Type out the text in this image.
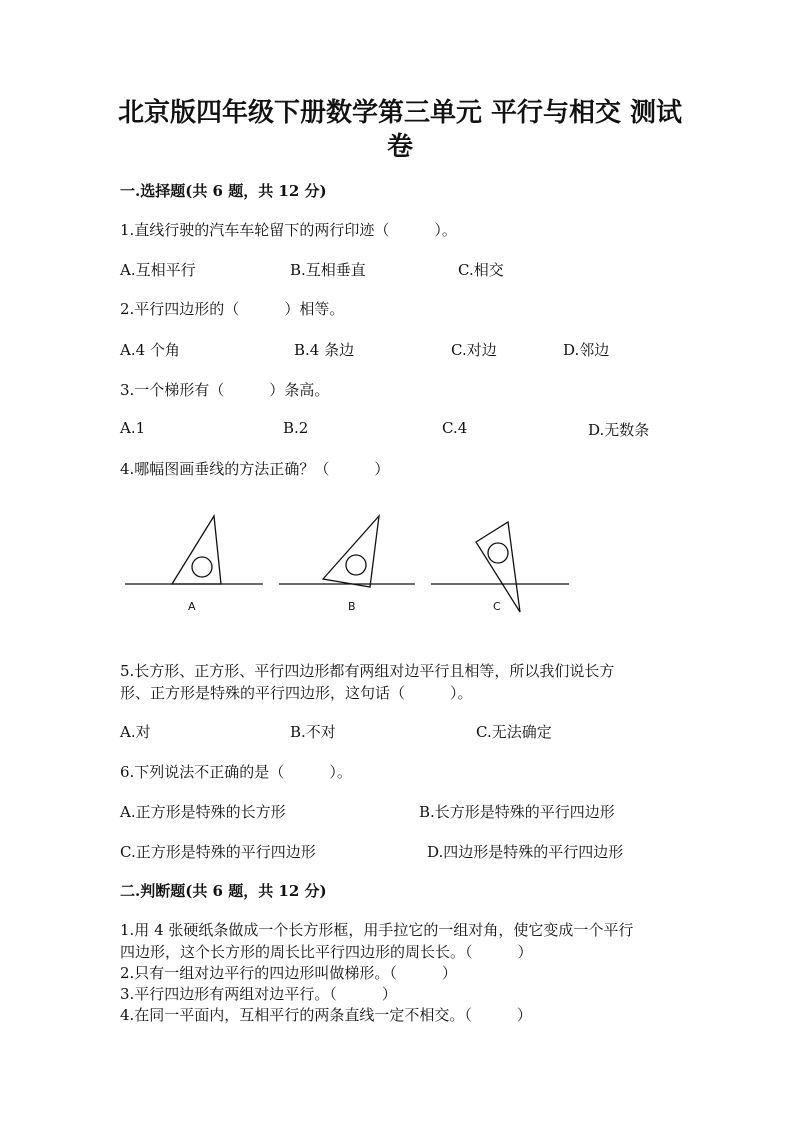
北京版四年级下册数学第三单元 平行与相交 测试
卷
一.选择题(共 6 题，共 12 分)
1.直线行驶的汽车车轮留下的两行印迹（　　　）。
A.互相平行	B.互相垂直	C.相交
2.平行四边形的（　　　）相等。
A.4 个角	B.4 条边	C.对边	D.邻边
3.一个梯形有（　　　）条高。
A.1	B.2	C.4	D.无数条
4.哪幅图画垂线的方法正确？（　　　）
A	B	C
5.长方形、正方形、平行四边形都有两组对边平行且相等，所以我们说长方
形、正方形是特殊的平行四边形，这句话（　　　）。
A.对	B.不对	C.无法确定
6.下列说法不正确的是（　　　）。
A.正方形是特殊的长方形	B.长方形是特殊的平行四边形
C.正方形是特殊的平行四边形	D.四边形是特殊的平行四边形
二.判断题(共 6 题，共 12 分)
1.用 4 张硬纸条做成一个长方形框，用手拉它的一组对角，使它变成一个平行
四边形，这个长方形的周长比平行四边形的周长长。（　　　）
2.只有一组对边平行的四边形叫做梯形。（　　　）
3.平行四边形有两组对边平行。（　　　）
4.在同一平面内，互相平行的两条直线一定不相交。（　　　）
